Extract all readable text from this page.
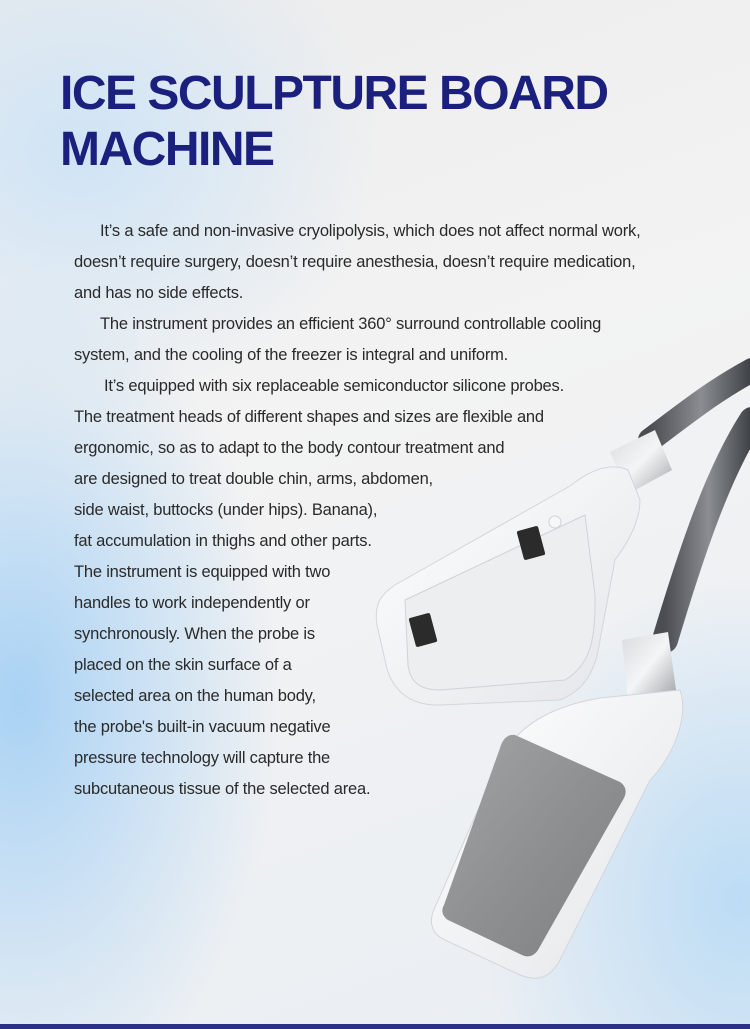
ICE SCULPTURE BOARD
MACHINE
It’s a safe and non-invasive cryolipolysis, which does not affect normal work,
doesn’t require surgery, doesn’t require anesthesia, doesn’t require medication,
and has no side effects.
The instrument provides an efficient 360° surround controllable cooling
system, and the cooling of the freezer is integral and uniform.
It’s equipped with six replaceable semiconductor silicone probes.
The treatment heads of different shapes and sizes are flexible and
ergonomic, so as to adapt to the body contour treatment and
are designed to treat double chin, arms, abdomen,
side waist, buttocks (under hips). Banana),
fat accumulation in thighs and other parts.
The instrument is equipped with two
handles to work independently or
synchronously. When the probe is
placed on the skin surface of a
selected area on the human body,
the probe's built-in vacuum negative
pressure technology will capture the
subcutaneous tissue of the selected area.
